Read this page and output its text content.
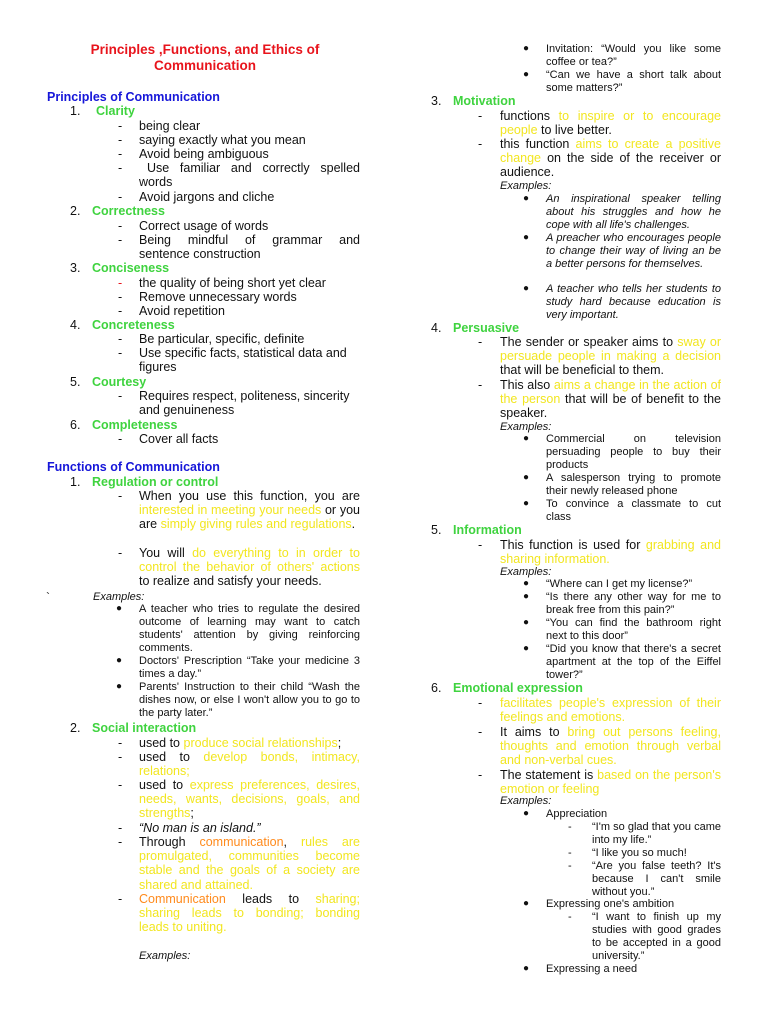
Principles ,Functions, and Ethics of
Communication
Principles of Communication
1. Clarity
- being clear
- saying exactly what you mean
- Avoid being ambiguous
- Use familiar and correctly spelled
words
- Avoid jargons and cliche
2. Correctness
- Correct usage of words
- Being mindful of grammar and
sentence construction
3. Conciseness
- the quality of being short yet clear
- Remove unnecessary words
- Avoid repetition
4. Concreteness
- Be particular, specific, definite
- Use specific facts, statistical data and
figures
5. Courtesy
- Requires respect, politeness, sincerity
and genuineness
6. Completeness
- Cover all facts
Functions of Communication
1. Regulation or control
- When you use this function, you are interested in meeting your needs or you are simply giving rules and regulations.
- You will do everything to in order to control the behavior of others' actions to realize and satisfy your needs.
`	Examples:
● A teacher who tries to regulate the desired outcome of learning may want to catch students' attention by giving reinforcing comments.
● Doctors' Prescription “Take your medicine 3 times a day.”
● Parents' Instruction to their child “Wash the dishes now, or else I won't allow you to go to the party later.”
2. Social interaction
- used to produce social relationships;
- used to develop bonds, intimacy, relations;
- used to express preferences, desires, needs, wants, decisions, goals, and strengths;
- “No man is an island.”
- Through communication, rules are promulgated, communities become stable and the goals of a society are shared and attained.
- Communication leads to sharing; sharing leads to bonding; bonding leads to uniting.
Examples:
● Invitation: “Would you like some coffee or tea?”
● “Can we have a short talk about some matters?”
3. Motivation
- functions to inspire or to encourage people to live better.
- this function aims to create a positive change on the side of the receiver or audience.
Examples:
● An inspirational speaker telling about his struggles and how he cope with all life's challenges.
● A preacher who encourages people to change their way of living an be a better persons for themselves.
● A teacher who tells her students to study hard because education is very important.
4. Persuasive
- The sender or speaker aims to sway or persuade people in making a decision that will be beneficial to them.
- This also aims a change in the action of the person that will be of benefit to the speaker.
Examples:
● Commercial on television persuading people to buy their products
● A salesperson trying to promote their newly released phone
● To convince a classmate to cut class
5. Information
- This function is used for grabbing and sharing information.
Examples:
● “Where can I get my license?”
● “Is there any other way for me to break free from this pain?”
● “You can find the bathroom right next to this door”
● “Did you know that there's a secret apartment at the top of the Eiffel tower?”
6. Emotional expression
- facilitates people's expression of their feelings and emotions.
- It aims to bring out persons feeling, thoughts and emotion through verbal and non-verbal cues.
- The statement is based on the person's emotion or feeling
Examples:
● Appreciation
- “I'm so glad that you came into my life.”
- “I like you so much!
- “Are you false teeth? It's because I can't smile without you.”
● Expressing one's ambition
- “I want to finish up my studies with good grades to be accepted in a good university.”
● Expressing a need
